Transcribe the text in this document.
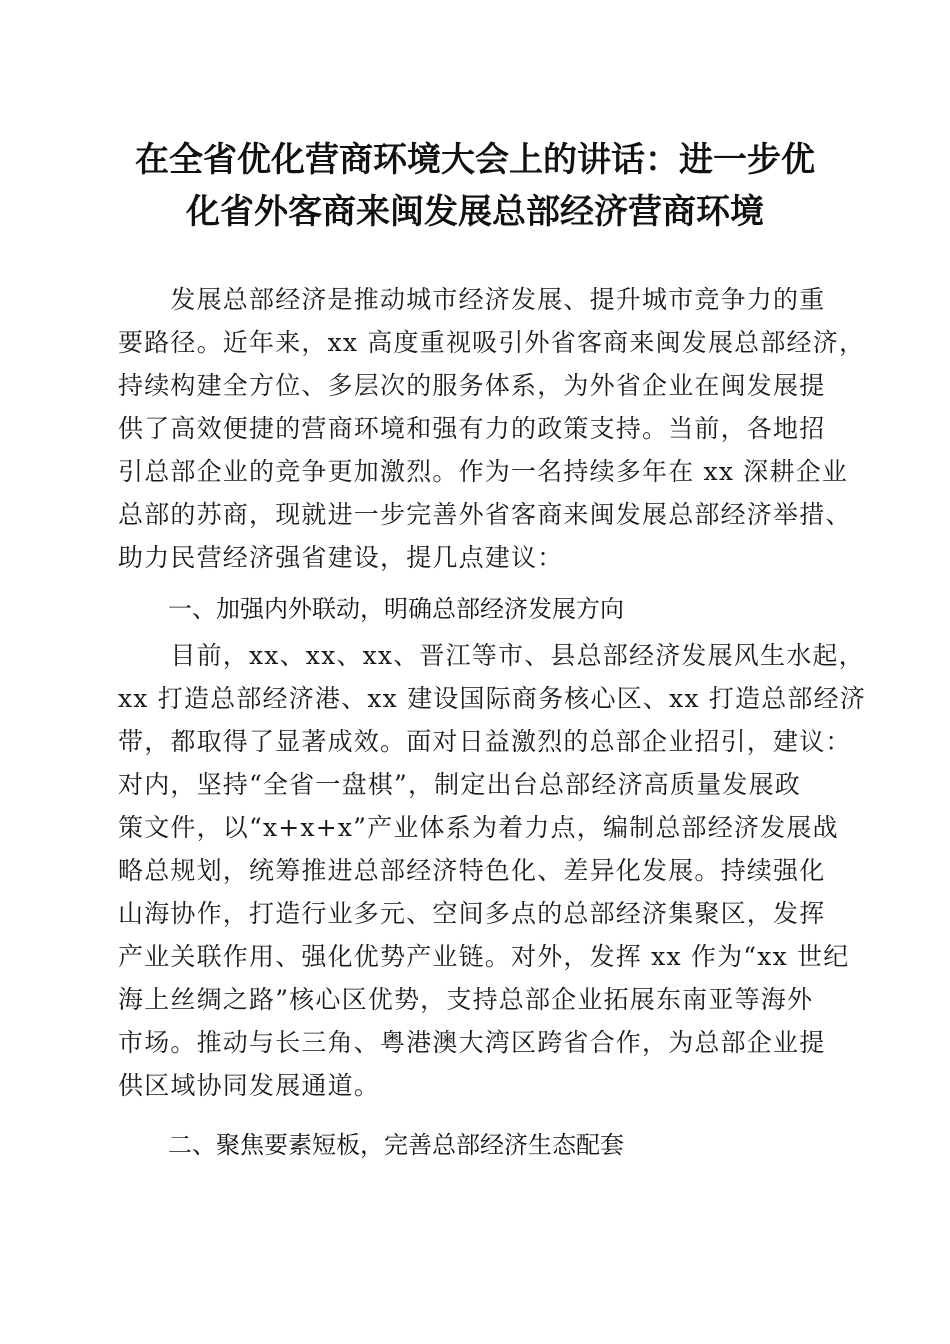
在全省优化营商环境大会上的讲话：进一步优
化省外客商来闽发展总部经济营商环境
　　发展总部经济是推动城市经济发展、提升城市竞争力的重
要路径。近年来，xx 高度重视吸引外省客商来闽发展总部经济，
持续构建全方位、多层次的服务体系，为外省企业在闽发展提
供了高效便捷的营商环境和强有力的政策支持。当前，各地招
引总部企业的竞争更加激烈。作为一名持续多年在 xx 深耕企业
总部的苏商，现就进一步完善外省客商来闽发展总部经济举措、
助力民营经济强省建设，提几点建议：
一、加强内外联动，明确总部经济发展方向
　　目前，xx、xx、xx、晋江等市、县总部经济发展风生水起，
xx 打造总部经济港、xx 建设国际商务核心区、xx 打造总部经济
带，都取得了显著成效。面对日益激烈的总部企业招引，建议：
对内，坚持“全省一盘棋”，制定出台总部经济高质量发展政
策文件，以“x+x+x”产业体系为着力点，编制总部经济发展战
略总规划，统筹推进总部经济特色化、差异化发展。持续强化
山海协作，打造行业多元、空间多点的总部经济集聚区，发挥
产业关联作用、强化优势产业链。对外，发挥 xx 作为“xx 世纪
海上丝绸之路”核心区优势，支持总部企业拓展东南亚等海外
市场。推动与长三角、粤港澳大湾区跨省合作，为总部企业提
供区域协同发展通道。
二、聚焦要素短板，完善总部经济生态配套
